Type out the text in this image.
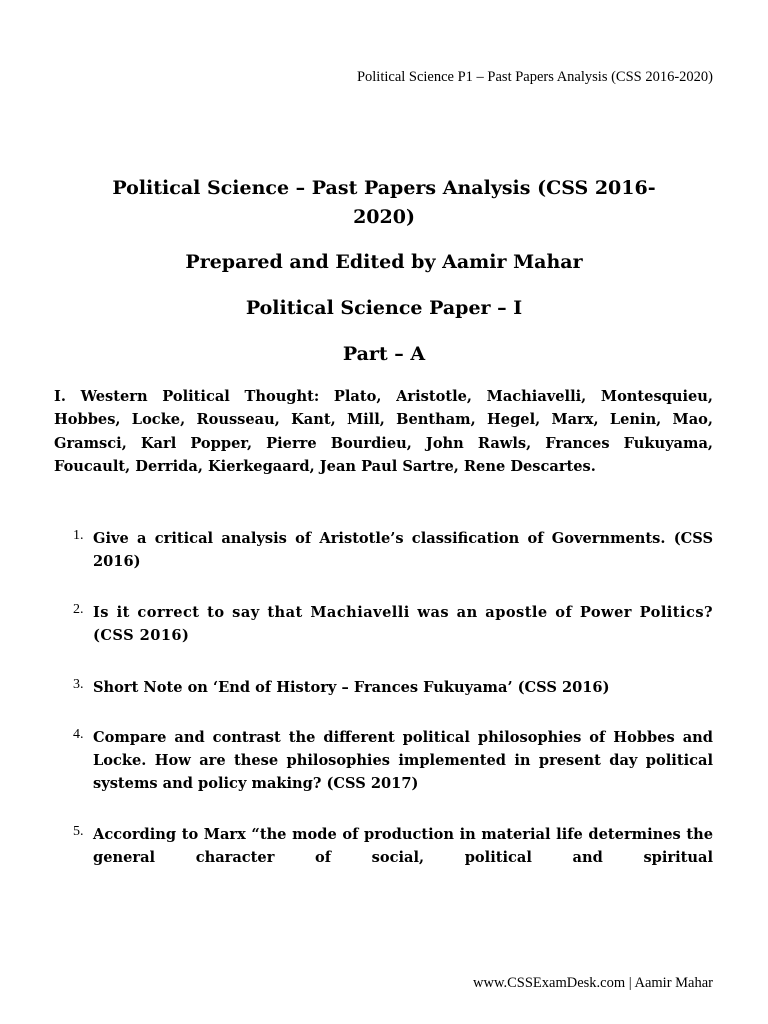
Political Science P1 – Past Papers Analysis (CSS 2016-2020)
Political Science – Past Papers Analysis (CSS 2016-2020)
Prepared and Edited by Aamir Mahar
Political Science Paper – I
Part – A

I. Western Political Thought: Plato, Aristotle, Machiavelli, Montesquieu, Hobbes, Locke, Rousseau, Kant, Mill, Bentham, Hegel, Marx, Lenin, Mao, Gramsci, Karl Popper, Pierre Bourdieu, John Rawls, Frances Fukuyama, Foucault, Derrida, Kierkegaard, Jean Paul Sartre, Rene Descartes.

1. Give a critical analysis of Aristotle’s classification of Governments. (CSS 2016)
2. Is it correct to say that Machiavelli was an apostle of Power Politics? (CSS 2016)
3. Short Note on ‘End of History – Frances Fukuyama’ (CSS 2016)
4. Compare and contrast the different political philosophies of Hobbes and Locke. How are these philosophies implemented in present day political systems and policy making? (CSS 2017)
5. According to Marx “the mode of production in material life determines the general character of social, political and spiritual
www.CSSExamDesk.com | Aamir Mahar
